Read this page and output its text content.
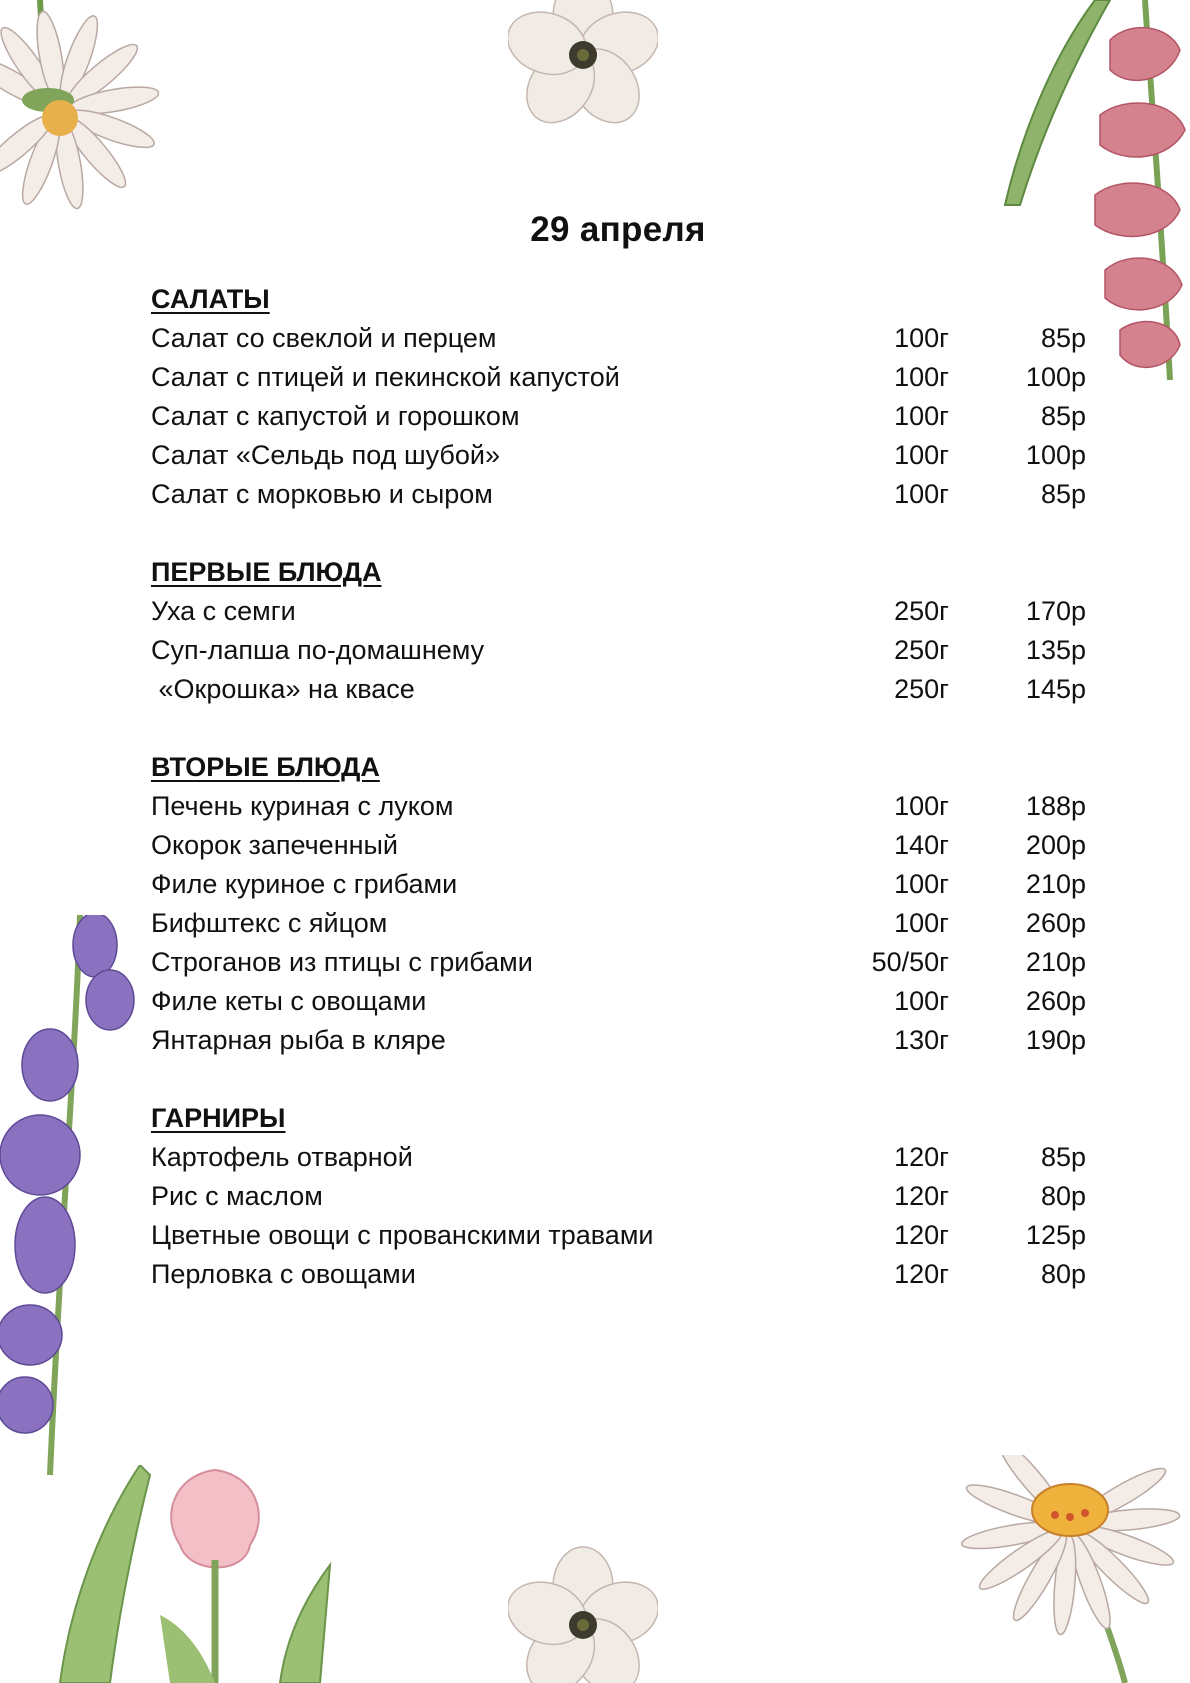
29 апреля
САЛАТЫ
Салат со свеклой и перцем	100г	85р
Салат с птицей и пекинской капустой	100г	100р
Салат с капустой и горошком	100г	85р
Салат «Сельдь под шубой»	100г	100р
Салат с морковью и сыром	100г	85р
ПЕРВЫЕ БЛЮДА
Уха с семги	250г	170р
Суп-лапша по-домашнему	250г	135р
«Окрошка» на квасе	250г	145р
ВТОРЫЕ БЛЮДА
Печень куриная с луком	100г	188р
Окорок запеченный	140г	200р
Филе куриное с грибами	100г	210р
Бифштекс с яйцом	100г	260р
Строганов из птицы с грибами	50/50г	210р
Филе кеты с овощами	100г	260р
Янтарная рыба в кляре	130г	190р
ГАРНИРЫ
Картофель отварной	120г	85р
Рис с маслом	120г	80р
Цветные овощи с прованскими травами	120г	125р
Перловка с овощами	120г	80р
